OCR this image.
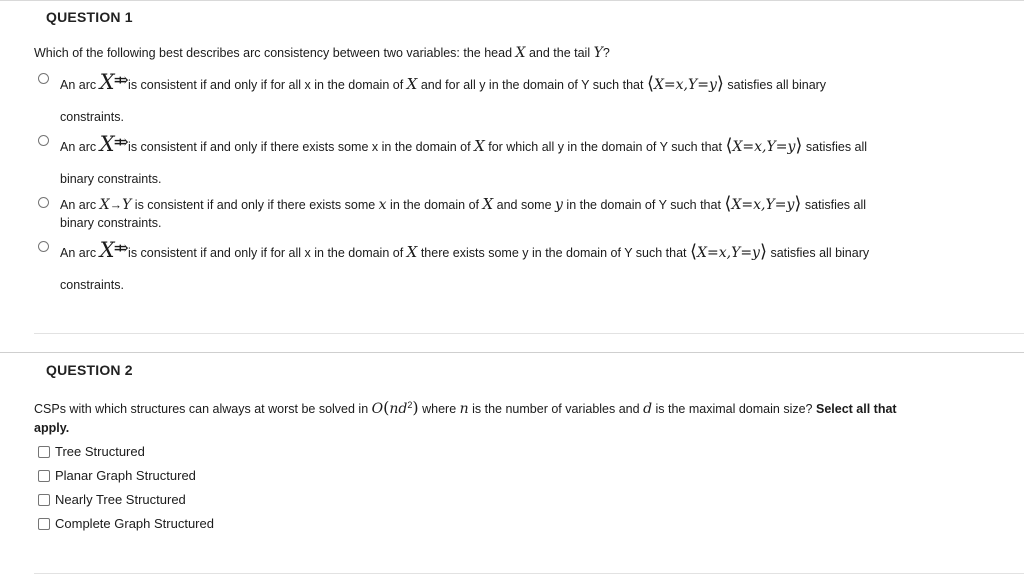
QUESTION 1
Which of the following best describes arc consistency between two variables: the head X and the tail Y?
An arc X ⤃
is consistent if and only if for all x in the domain of X and for all y in the domain of Y such that ⟨X=x,Y=y⟩ satisfies all binary
constraints.
An arc X ⤃
is consistent if and only if there exists some x in the domain of X for which all y in the domain of Y such that ⟨X=x,Y=y⟩ satisfies all
binary constraints.
An arc X→Y is consistent if and only if there exists some x in the domain of X and some y in the domain of Y such that ⟨X=x,Y=y⟩ satisfies all
binary constraints.
An arc X ⤃
is consistent if and only if for all x in the domain of X there exists some y in the domain of Y such that ⟨X=x,Y=y⟩ satisfies all binary
constraints.
QUESTION 2
CSPs with which structures can always at worst be solved in $O(nd^2)$ where n is the number of variables and d is the maximal domain size? Select all that
apply.
Tree Structured
Planar Graph Structured
Nearly Tree Structured
Complete Graph Structured
